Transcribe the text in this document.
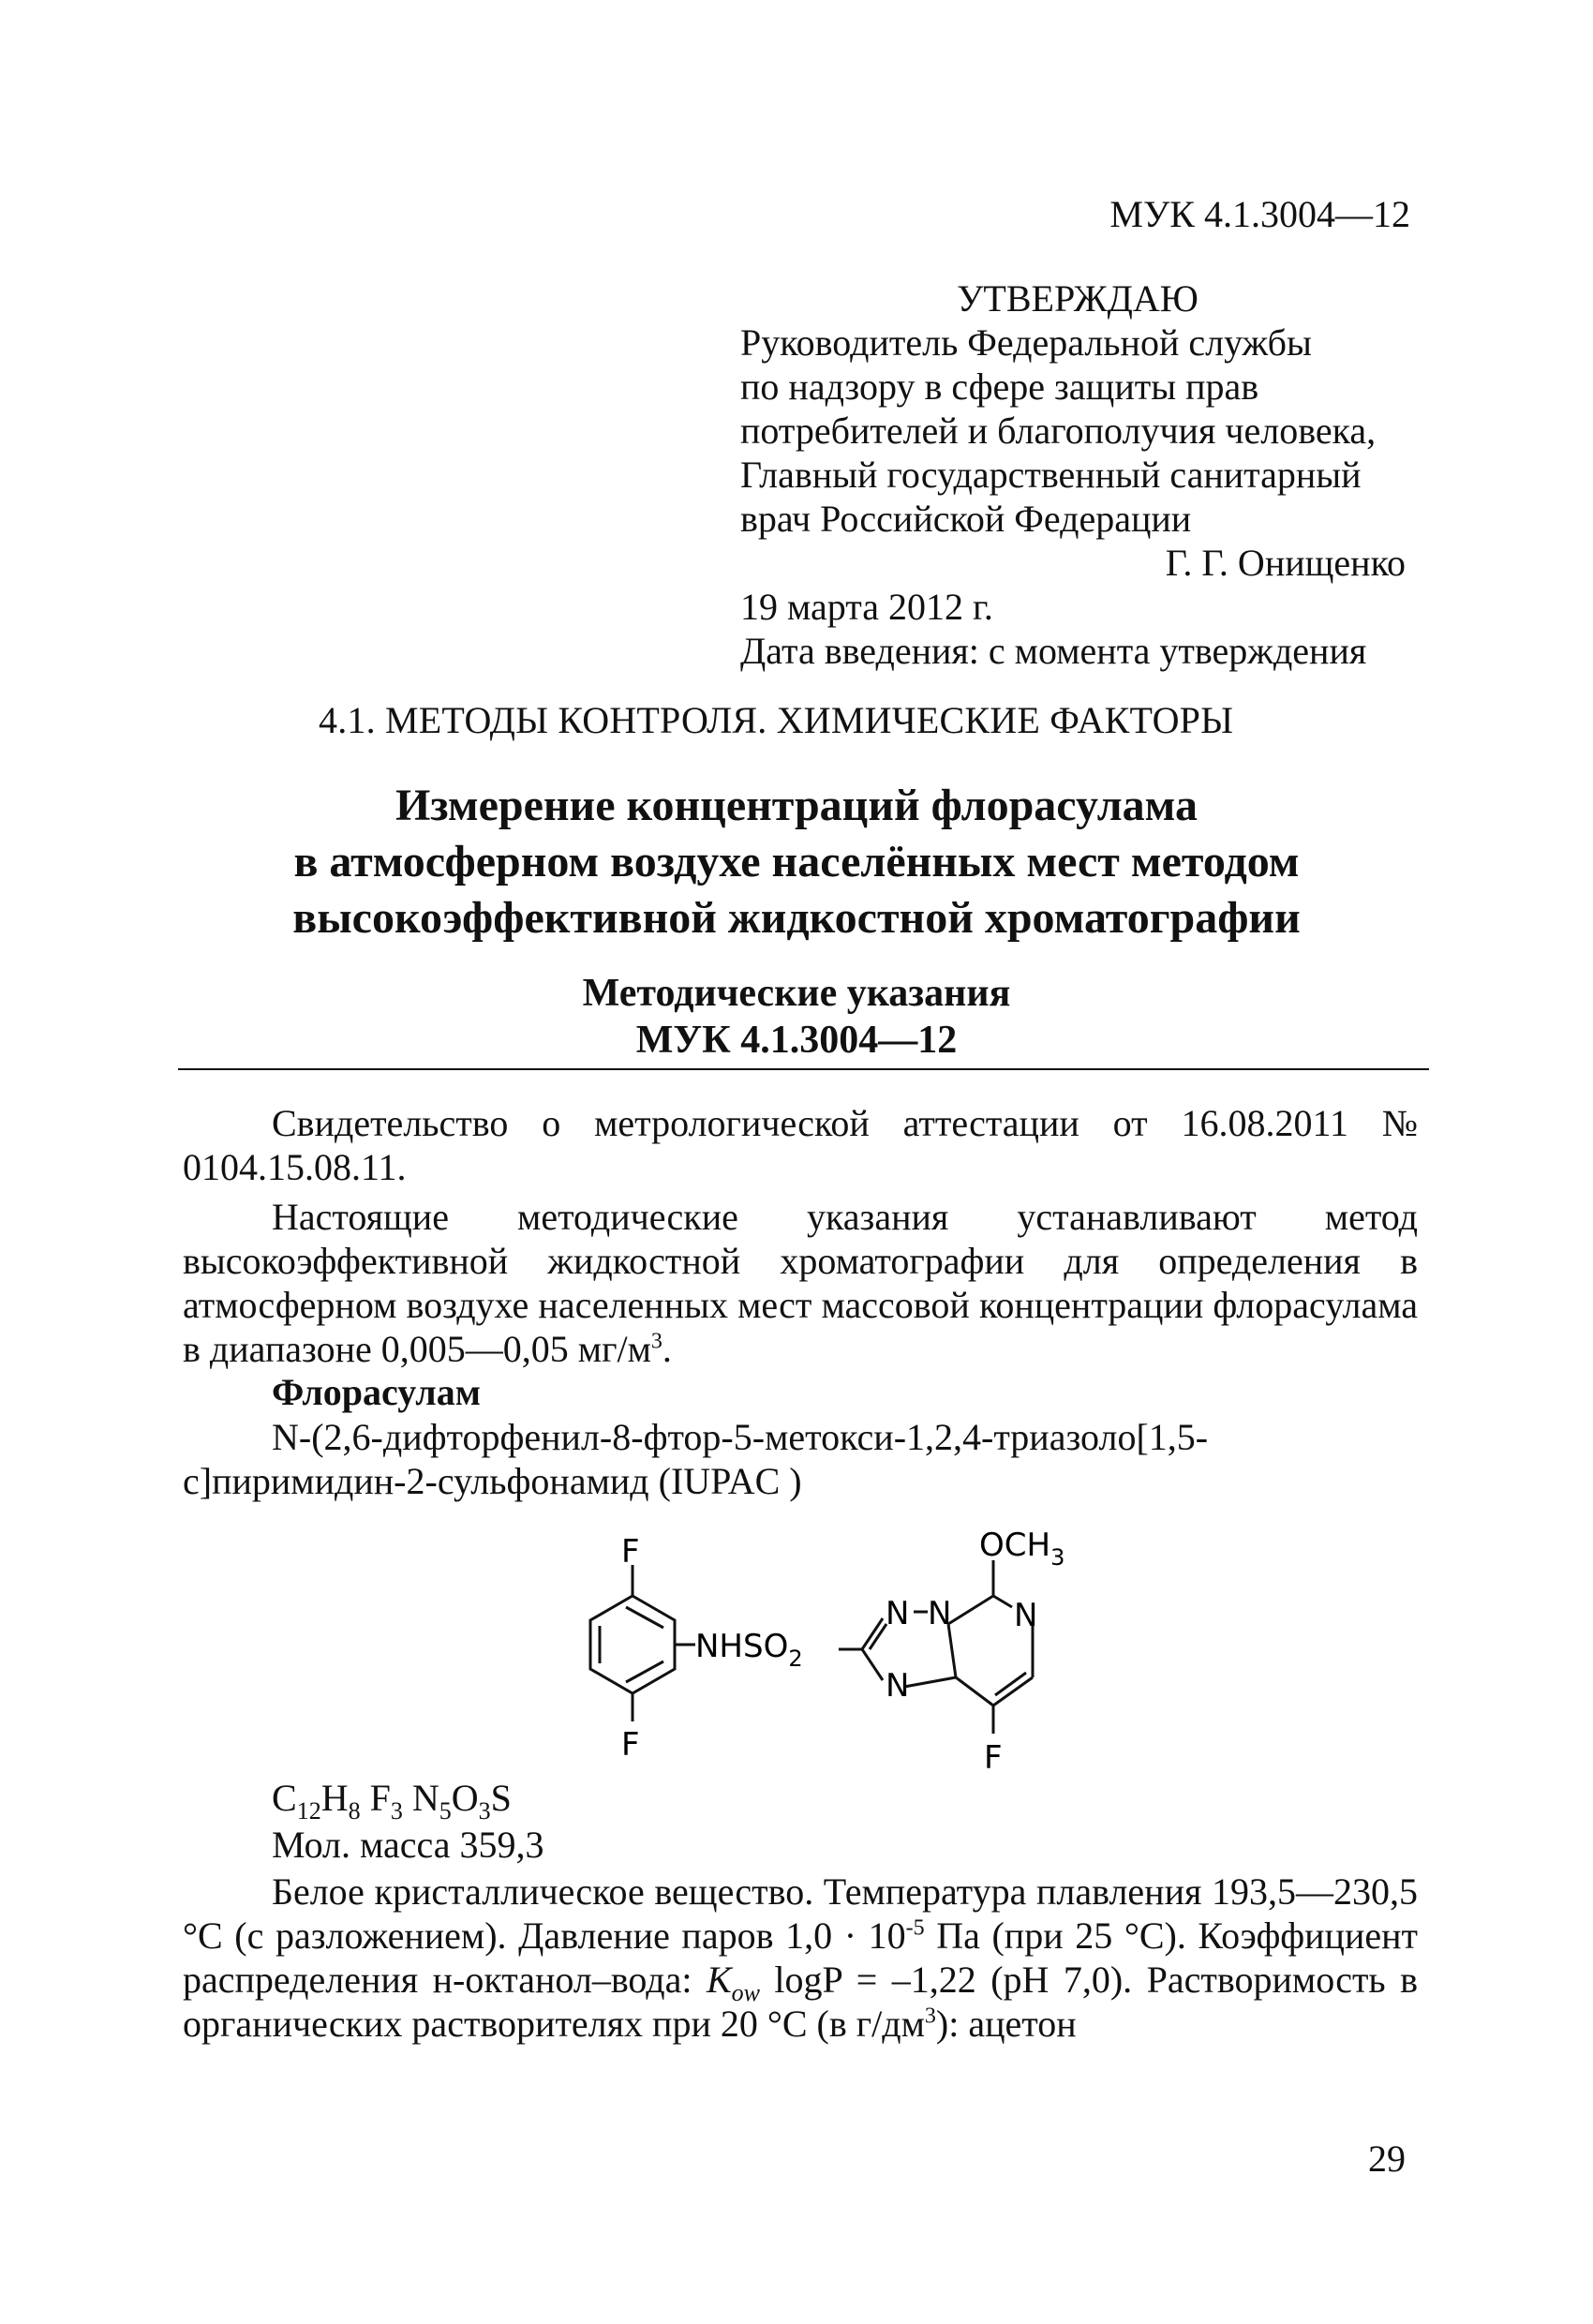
МУК 4.1.3004—12
УТВЕРЖДАЮ
Руководитель Федеральной службы
по надзору в сфере защиты прав
потребителей и благополучия человека,
Главный государственный санитарный
врач Российской Федерации
Г. Г. Онищенко
19 марта 2012 г.
Дата введения: с момента утверждения
4.1. МЕТОДЫ КОНТРОЛЯ. ХИМИЧЕСКИЕ ФАКТОРЫ
Измерение концентраций флорасулама
в атмосферном воздухе населённых мест методом
высокоэффективной жидкостной хроматографии
Методические указания
МУК 4.1.3004—12
Свидетельство о метрологической аттестации от 16.08.2011 № 0104.15.08.11.
Настоящие методические указания устанавливают метод высокоэффективной жидкостной хроматографии для определения в атмосферном воздухе населенных мест массовой концентрации флорасулама в диапазоне 0,005—0,05 $мг/м^3$.
Флорасулам
N-(2,6-дифторфенил-8-фтор-5-метокси-1,2,4-триазоло[1,5-с]пиримидин-2-сульфонамид (IUPAC )
F
F
$NHSO_2$
$OCH_3$
N N N
N
F
$C_{12}H_8$ $F_3$ $N_5O_3S$
Мол. масса 359,3
Белое кристаллическое вещество. Температура плавления 193,5—230,5 °С (с разложением). Давление паров $1,0 \cdot 10^{-5}$ Па (при 25 °С). Коэффициент распределения н-октанол–вода: $K_{ow}$ logP = –1,22 (рН 7,0). Растворимость в органических растворителях при 20 °С (в $г/дм^3$): ацетон
29
